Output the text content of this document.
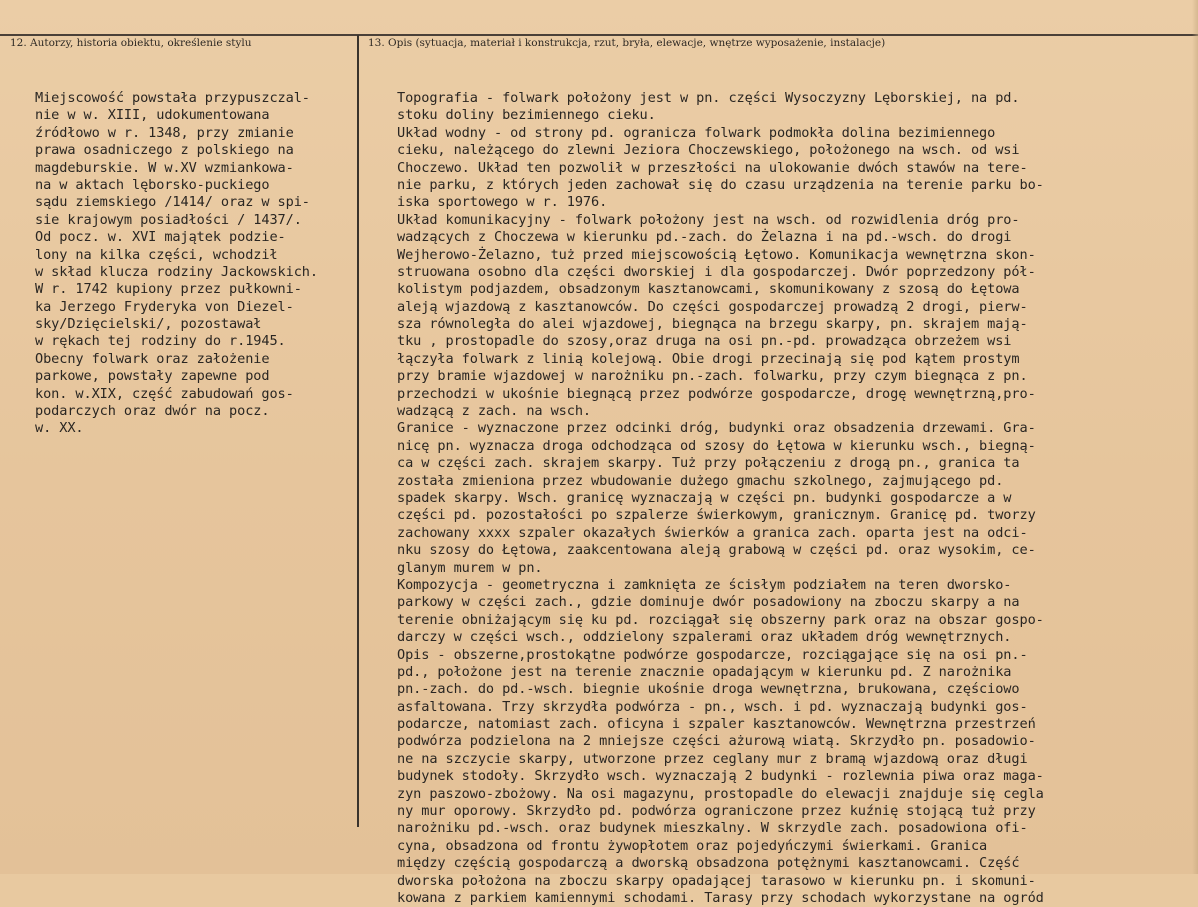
12. Autorzy, historia obiektu, określenie stylu	13. Opis (sytuacja, materiał i konstrukcja, rzut, bryła, elewacje, wnętrze wyposażenie, instalacje)
Miejscowość powstała przypuszczal-
nie w w. XIII, udokumentowana
źródłowo w r. 1348, przy zmianie
prawa osadniczego z polskiego na
magdeburskie. W w.XV wzmiankowa-
na w aktach lęborsko-puckiego
sądu ziemskiego /1414/ oraz w spi-
sie krajowym posiadłości / 1437/.
Od pocz. w. XVI majątek podzie-
lony na kilka części, wchodził
w skład klucza rodziny Jackowskich.
W r. 1742 kupiony przez pułkowni-
ka Jerzego Fryderyka von Diezel-
sky/Dzięcielski/, pozostawał
w rękach tej rodziny do r.1945.
Obecny folwark oraz założenie
parkowe, powstały zapewne pod
kon. w.XIX, część zabudowań gos-
podarczych oraz dwór na pocz.
w. XX.
Topografia - folwark położony jest w pn. części Wysoczyzny Lęborskiej, na pd.
stoku doliny bezimiennego cieku.
Układ wodny - od strony pd. ogranicza folwark podmokła dolina bezimiennego
cieku, należącego do zlewni Jeziora Choczewskiego, położonego na wsch. od wsi
Choczewo. Układ ten pozwolił w przeszłości na ulokowanie dwóch stawów na tere-
nie parku, z których jeden zachował się do czasu urządzenia na terenie parku bo-
iska sportowego w r. 1976.
Układ komunikacyjny - folwark położony jest na wsch. od rozwidlenia dróg pro-
wadzących z Choczewa w kierunku pd.-zach. do Żelazna i na pd.-wsch. do drogi
Wejherowo-Żelazno, tuż przed miejscowością Łętowo. Komunikacja wewnętrzna skon-
struowana osobno dla części dworskiej i dla gospodarczej. Dwór poprzedzony pół-
kolistym podjazdem, obsadzonym kasztanowcami, skomunikowany z szosą do Łętowa
aleją wjazdową z kasztanowców. Do części gospodarczej prowadzą 2 drogi, pierw-
sza równoległa do alei wjazdowej, biegnąca na brzegu skarpy, pn. skrajem mają-
tku , prostopadle do szosy,oraz druga na osi pn.-pd. prowadząca obrzeżem wsi
łączyła folwark z linią kolejową. Obie drogi przecinają się pod kątem prostym
przy bramie wjazdowej w narożniku pn.-zach. folwarku, przy czym biegnąca z pn.
przechodzi w ukośnie biegnącą przez podwórze gospodarcze, drogę wewnętrzną,pro-
wadzącą z zach. na wsch.
Granice - wyznaczone przez odcinki dróg, budynki oraz obsadzenia drzewami. Gra-
nicę pn. wyznacza droga odchodząca od szosy do Łętowa w kierunku wsch., biegną-
ca w części zach. skrajem skarpy. Tuż przy połączeniu z drogą pn., granica ta
została zmieniona przez wbudowanie dużego gmachu szkolnego, zajmującego pd.
spadek skarpy. Wsch. granicę wyznaczają w części pn. budynki gospodarcze a w
części pd. pozostałości po szpalerze świerkowym, granicznym. Granicę pd. tworzy
zachowany xxxx szpaler okazałych świerków a granica zach. oparta jest na odci-
nku szosy do Łętowa, zaakcentowana aleją grabową w części pd. oraz wysokim, ce-
glanym murem w pn.
Kompozycja - geometryczna i zamknięta ze ścisłym podziałem na teren dworsko-
parkowy w części zach., gdzie dominuje dwór posadowiony na zboczu skarpy a na
terenie obniżającym się ku pd. rozciągał się obszerny park oraz na obszar gospo-
darczy w części wsch., oddzielony szpalerami oraz układem dróg wewnętrznych.
Opis - obszerne,prostokątne podwórze gospodarcze, rozciągające się na osi pn.-
pd., położone jest na terenie znacznie opadającym w kierunku pd. Z narożnika
pn.-zach. do pd.-wsch. biegnie ukośnie droga wewnętrzna, brukowana, częściowo
asfaltowana. Trzy skrzydła podwórza - pn., wsch. i pd. wyznaczają budynki gos-
podarcze, natomiast zach. oficyna i szpaler kasztanowców. Wewnętrzna przestrzeń
podwórza podzielona na 2 mniejsze części ażurową wiatą. Skrzydło pn. posadowio-
ne na szczycie skarpy, utworzone przez ceglany mur z bramą wjazdową oraz długi
budynek stodoły. Skrzydło wsch. wyznaczają 2 budynki - rozlewnia piwa oraz maga-
zyn paszowo-zbożowy. Na osi magazynu, prostopadle do elewacji znajduje się cegla
ny mur oporowy. Skrzydło pd. podwórza ograniczone przez kuźnię stojącą tuż przy
narożniku pd.-wsch. oraz budynek mieszkalny. W skrzydle zach. posadowiona ofi-
cyna, obsadzona od frontu żywopłotem oraz pojedyńczymi świerkami. Granica
między częścią gospodarczą a dworską obsadzona potężnymi kasztanowcami. Część
dworska położona na zboczu skarpy opadającej tarasowo w kierunku pn. i skomuni-
kowana z parkiem kamiennymi schodami. Tarasy przy schodach wykorzystane na ogród
